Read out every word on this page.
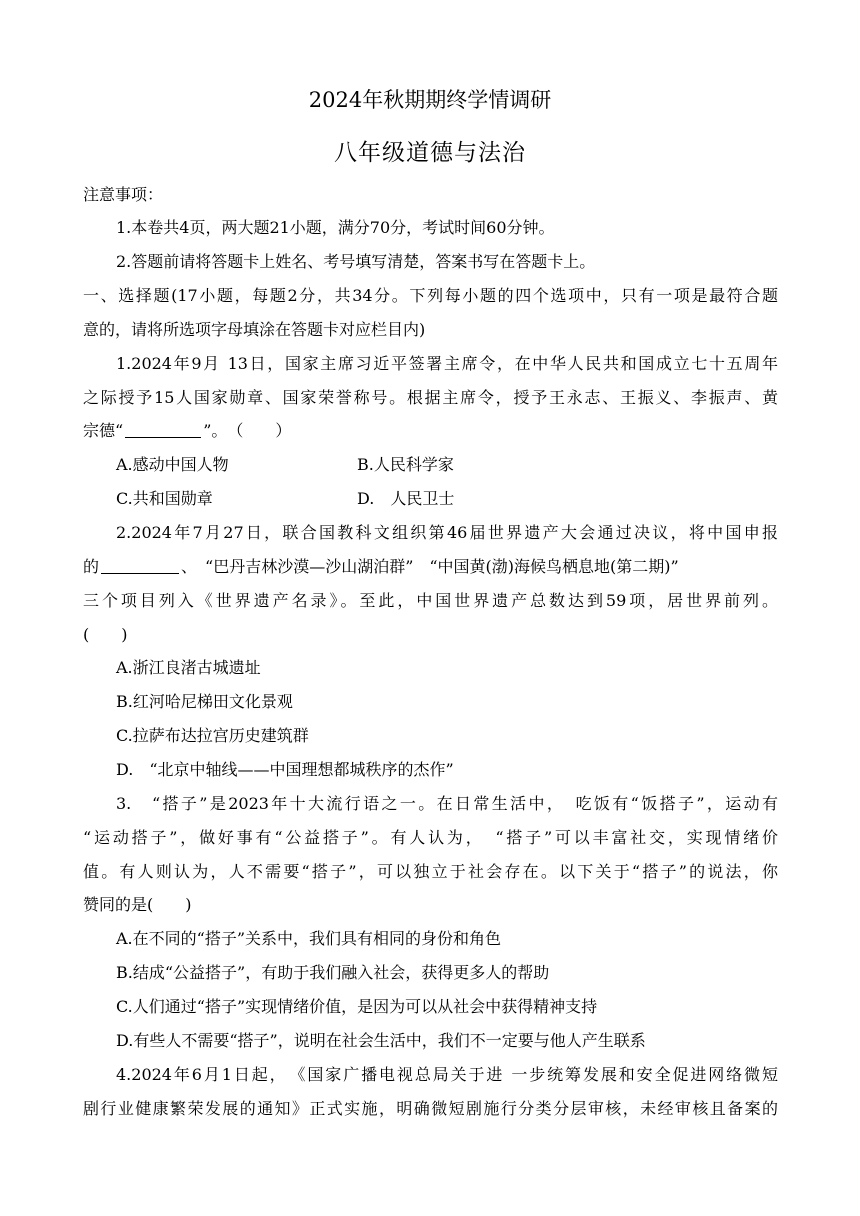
2024年秋期期终学情调研
八年级道德与法治
注意事项：
1.本卷共4页，两大题21小题，满分70分，考试时间60分钟。
2.答题前请将答题卡上姓名、考号填写清楚，答案书写在答题卡上。
一、选择题(17小题，每题2分，共34分。下列每小题的四个选项中，只有一项是最符合题
意的，请将所选项字母填涂在答题卡对应栏目内)
1.2024年9月 13日，国家主席习近平签署主席令，在中华人民共和国成立七十五周年
之际授予15人国家勋章、国家荣誉称号。根据主席令，授予王永志、王振义、李振声、黄
宗德“	”。　（　　）
A.感动中国人物	B.人民科学家
C.共和国勋章	D.　人民卫士
2.2024年7月27日，联合国教科文组织第46届世界遗产大会通过决议，将中国申报
的	、　“巴丹吉林沙漠—沙山湖泊群”　“中国黄(渤)海候鸟栖息地(第二期)”
三个项目列入《世界遗产名录》。至此，中国世界遗产总数达到59项，居世界前列。
(　　)
A.浙江良渚古城遗址
B.红河哈尼梯田文化景观
C.拉萨布达拉宫历史建筑群
D.　“北京中轴线——中国理想都城秩序的杰作”
3.　“搭子”是2023年十大流行语之一。在日常生活中，　吃饭有“饭搭子”，运动有
“运动搭子”，做好事有“公益搭子”。有人认为，　“搭子”可以丰富社交，实现情绪价
值。有人则认为，人不需要“搭子”，可以独立于社会存在。以下关于“搭子”的说法，你
赞同的是(　　)
A.在不同的“搭子”关系中，我们具有相同的身份和角色
B.结成“公益搭子”，有助于我们融入社会，获得更多人的帮助
C.人们通过“搭子”实现情绪价值，是因为可以从社会中获得精神支持
D.有些人不需要“搭子”，说明在社会生活中，我们不一定要与他人产生联系
4.2024年6月1日起，　《国家广播电视总局关于进 一步统筹发展和安全促进网络微短
剧行业健康繁荣发展的通知》正式实施，明确微短剧施行分类分层审核，未经审核且备案的
